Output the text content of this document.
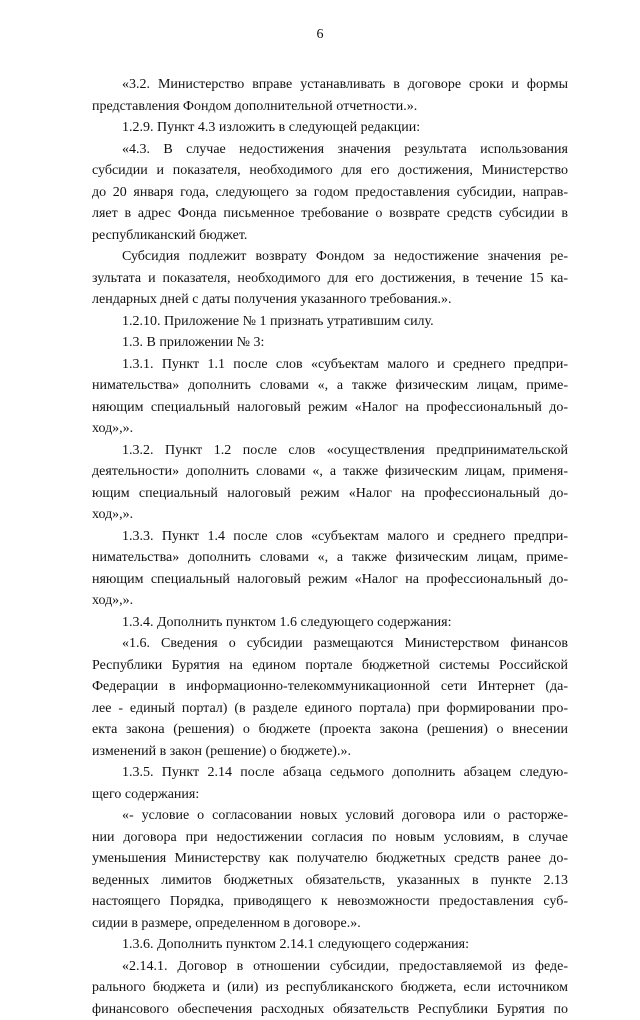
6
«3.2. Министерство вправе устанавливать в договоре сроки и формы
представления Фондом дополнительной отчетности.».
1.2.9. Пункт 4.3 изложить в следующей редакции:
«4.3. В случае недостижения значения результата использования
субсидии и показателя, необходимого для его достижения, Министерство
до 20 января года, следующего за годом предоставления субсидии, направ-
ляет в адрес Фонда письменное требование о возврате средств субсидии в
республиканский бюджет.
Субсидия подлежит возврату Фондом за недостижение значения ре-
зультата и показателя, необходимого для его достижения, в течение 15 ка-
лендарных дней с даты получения указанного требования.».
1.2.10. Приложение № 1 признать утратившим силу.
1.3. В приложении № 3:
1.3.1. Пункт 1.1 после слов «субъектам малого и среднего предпри-
нимательства» дополнить словами «, а также физическим лицам, приме-
няющим специальный налоговый режим «Налог на профессиональный до-
ход»,».
1.3.2. Пункт 1.2 после слов «осуществления предпринимательской
деятельности» дополнить словами «, а также физическим лицам, применя-
ющим специальный налоговый режим «Налог на профессиональный до-
ход»,».
1.3.3. Пункт 1.4 после слов «субъектам малого и среднего предпри-
нимательства» дополнить словами «, а также физическим лицам, приме-
няющим специальный налоговый режим «Налог на профессиональный до-
ход»,».
1.3.4. Дополнить пунктом 1.6 следующего содержания:
«1.6. Сведения о субсидии размещаются Министерством финансов
Республики Бурятия на едином портале бюджетной системы Российской
Федерации в информационно-телекоммуникационной сети Интернет (да-
лее - единый портал) (в разделе единого портала) при формировании про-
екта закона (решения) о бюджете (проекта закона (решения) о внесении
изменений в закон (решение) о бюджете).».
1.3.5. Пункт 2.14 после абзаца седьмого дополнить абзацем следую-
щего содержания:
«- условие о согласовании новых условий договора или о расторже-
нии договора при недостижении согласия по новым условиям, в случае
уменьшения Министерству как получателю бюджетных средств ранее до-
веденных лимитов бюджетных обязательств, указанных в пункте 2.13
настоящего Порядка, приводящего к невозможности предоставления суб-
сидии в размере, определенном в договоре.».
1.3.6. Дополнить пунктом 2.14.1 следующего содержания:
«2.14.1. Договор в отношении субсидии, предоставляемой из феде-
рального бюджета и (или) из республиканского бюджета, если источником
финансового обеспечения расходных обязательств Республики Бурятия по
